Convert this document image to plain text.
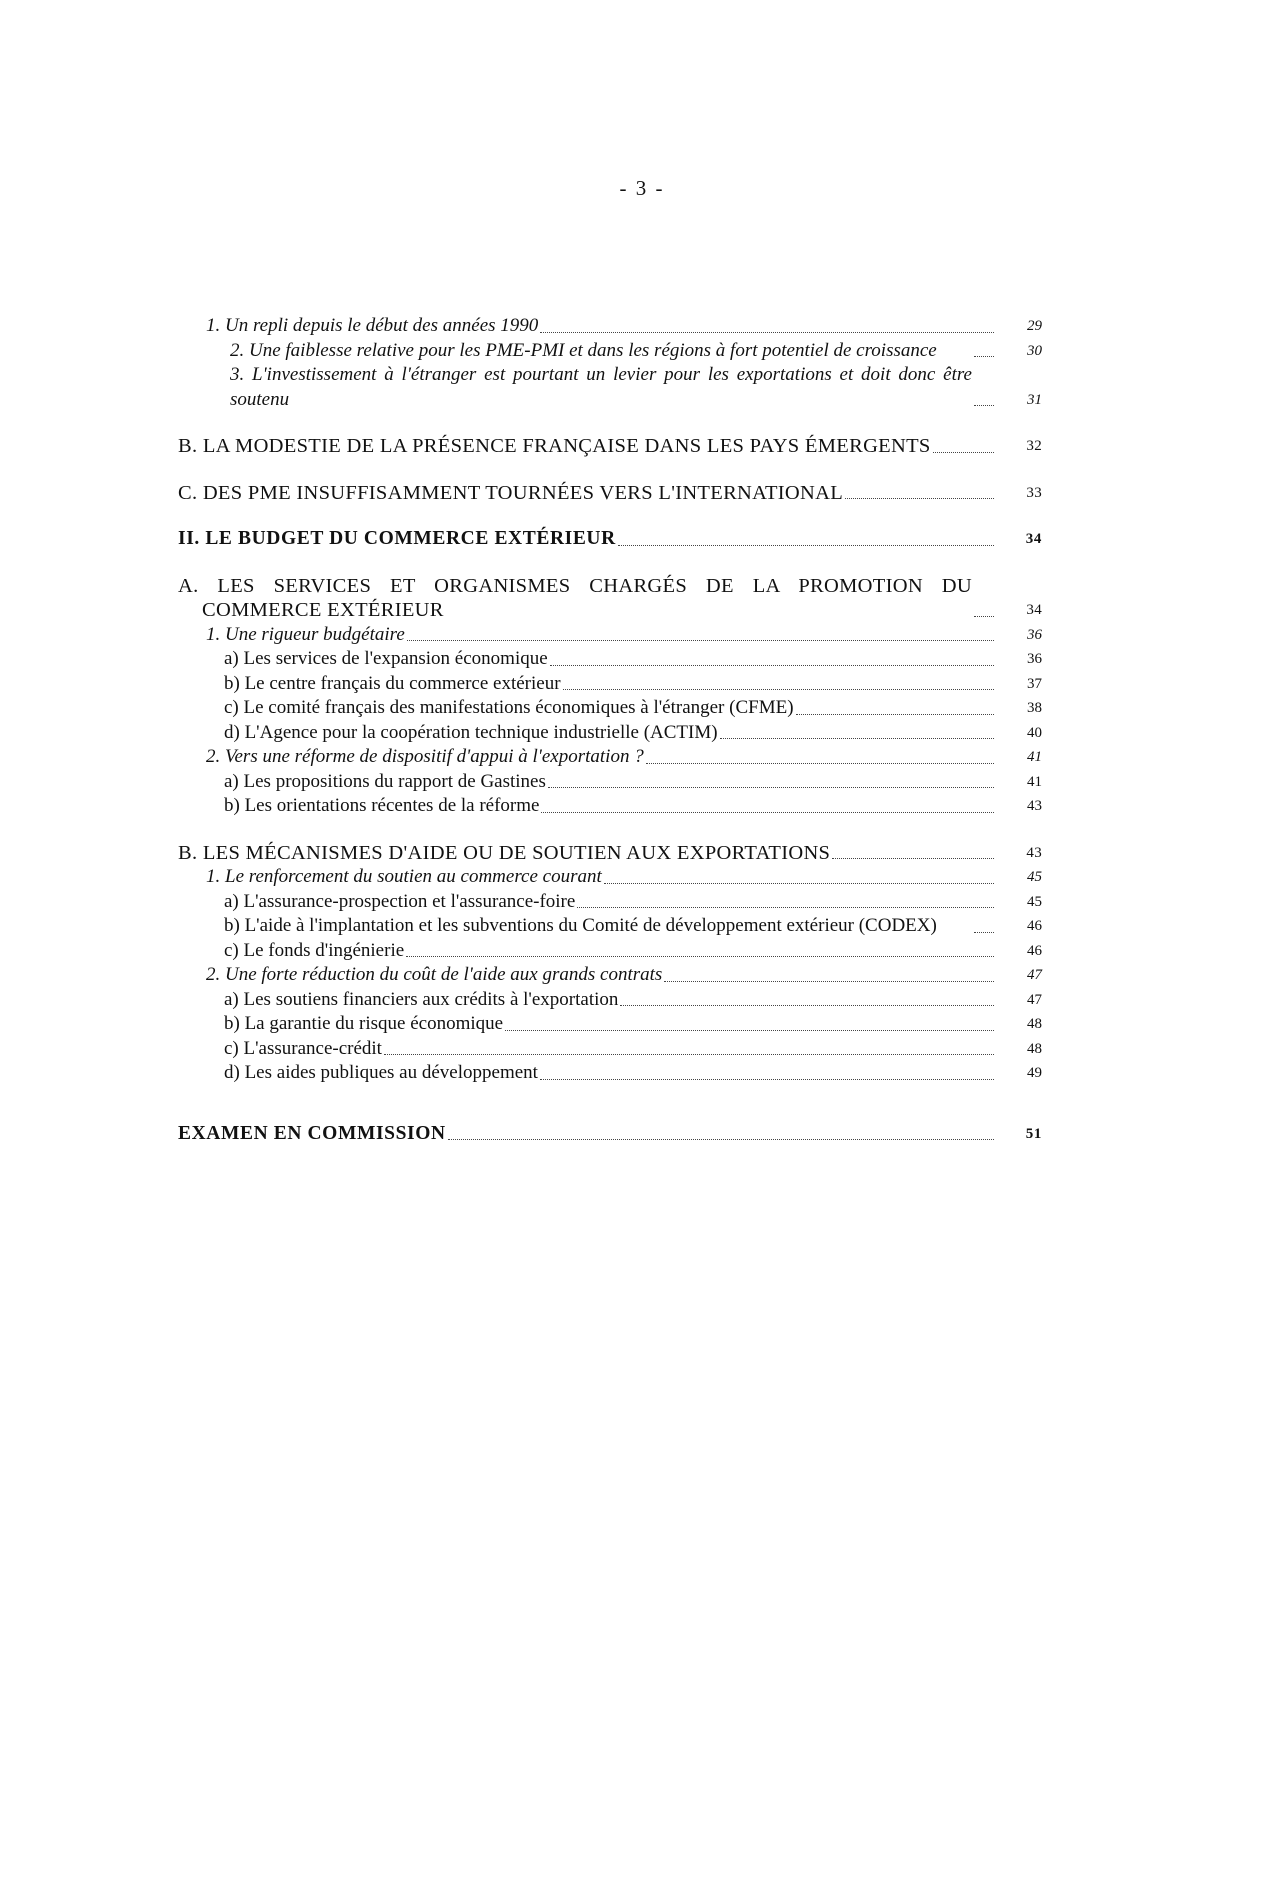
- 3 -
1. Un repli depuis le début des années 1990	29
2. Une faiblesse relative pour les PME-PMI et dans les régions à fort potentiel de croissance	30
3. L'investissement à l'étranger est pourtant un levier pour les exportations et doit donc être soutenu	31
B. LA MODESTIE DE LA PRÉSENCE FRANÇAISE DANS LES PAYS ÉMERGENTS	32
C. DES PME INSUFFISAMMENT TOURNÉES VERS L'INTERNATIONAL	33
II. LE BUDGET DU COMMERCE EXTÉRIEUR	34
A. LES SERVICES ET ORGANISMES CHARGÉS DE LA PROMOTION DU COMMERCE EXTÉRIEUR	34
1. Une rigueur budgétaire	36
a) Les services de l'expansion économique	36
b) Le centre français du commerce extérieur	37
c) Le comité français des manifestations économiques à l'étranger (CFME)	38
d) L'Agence pour la coopération technique industrielle (ACTIM)	40
2. Vers une réforme de dispositif d'appui à l'exportation ?	41
a) Les propositions du rapport de Gastines	41
b) Les orientations récentes de la réforme	43
B. LES MÉCANISMES D'AIDE OU DE SOUTIEN AUX EXPORTATIONS	43
1. Le renforcement du soutien au commerce courant	45
a) L'assurance-prospection et l'assurance-foire	45
b) L'aide à l'implantation et les subventions du Comité de développement extérieur (CODEX)	46
c) Le fonds d'ingénierie	46
2. Une forte réduction du coût de l'aide aux grands contrats	47
a) Les soutiens financiers aux crédits à l'exportation	47
b) La garantie du risque économique	48
c) L'assurance-crédit	48
d) Les aides publiques au développement	49
EXAMEN EN COMMISSION	51
